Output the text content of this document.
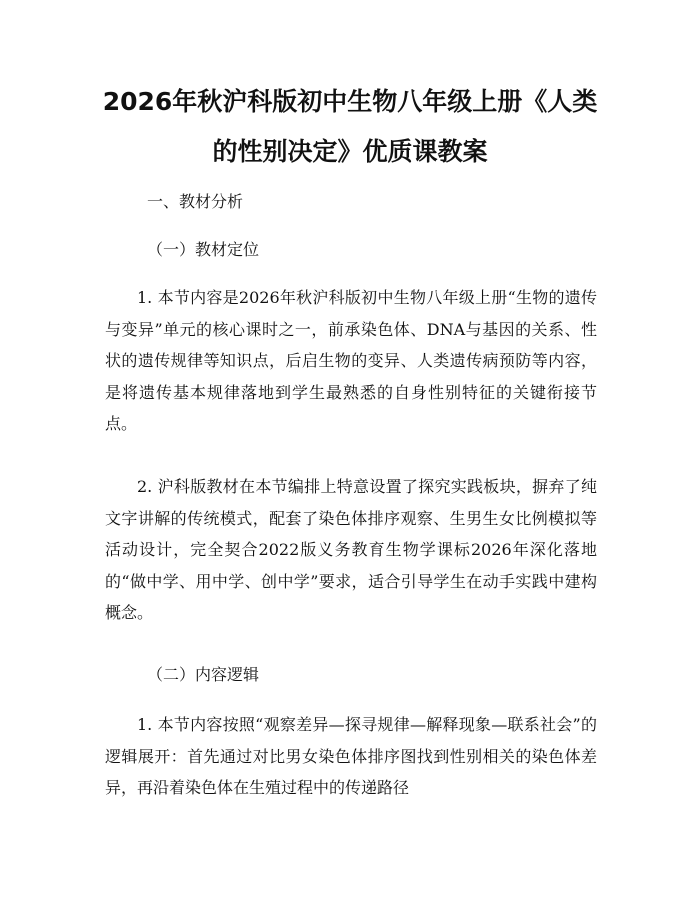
2026年秋沪科版初中生物八年级上册《人类
的性别决定》优质课教案
一、教材分析
（一）教材定位

1. 本节内容是2026年秋沪科版初中生物八年级上册“生物的遗传与变异”单元的核心课时之一，前承染色体、DNA与基因的关系、性状的遗传规律等知识点，后启生物的变异、人类遗传病预防等内容，是将遗传基本规律落地到学生最熟悉的自身性别特征的关键衔接节点。

2. 沪科版教材在本节编排上特意设置了探究实践板块，摒弃了纯文字讲解的传统模式，配套了染色体排序观察、生男生女比例模拟等活动设计，完全契合2022版义务教育生物学课标2026年深化落地的“做中学、用中学、创中学”要求，适合引导学生在动手实践中建构概念。

（二）内容逻辑

1. 本节内容按照“观察差异—探寻规律—解释现象—联系社会”的逻辑展开：首先通过对比男女染色体排序图找到性别相关的染色体差异，再沿着染色体在生殖过程中的传递路径
